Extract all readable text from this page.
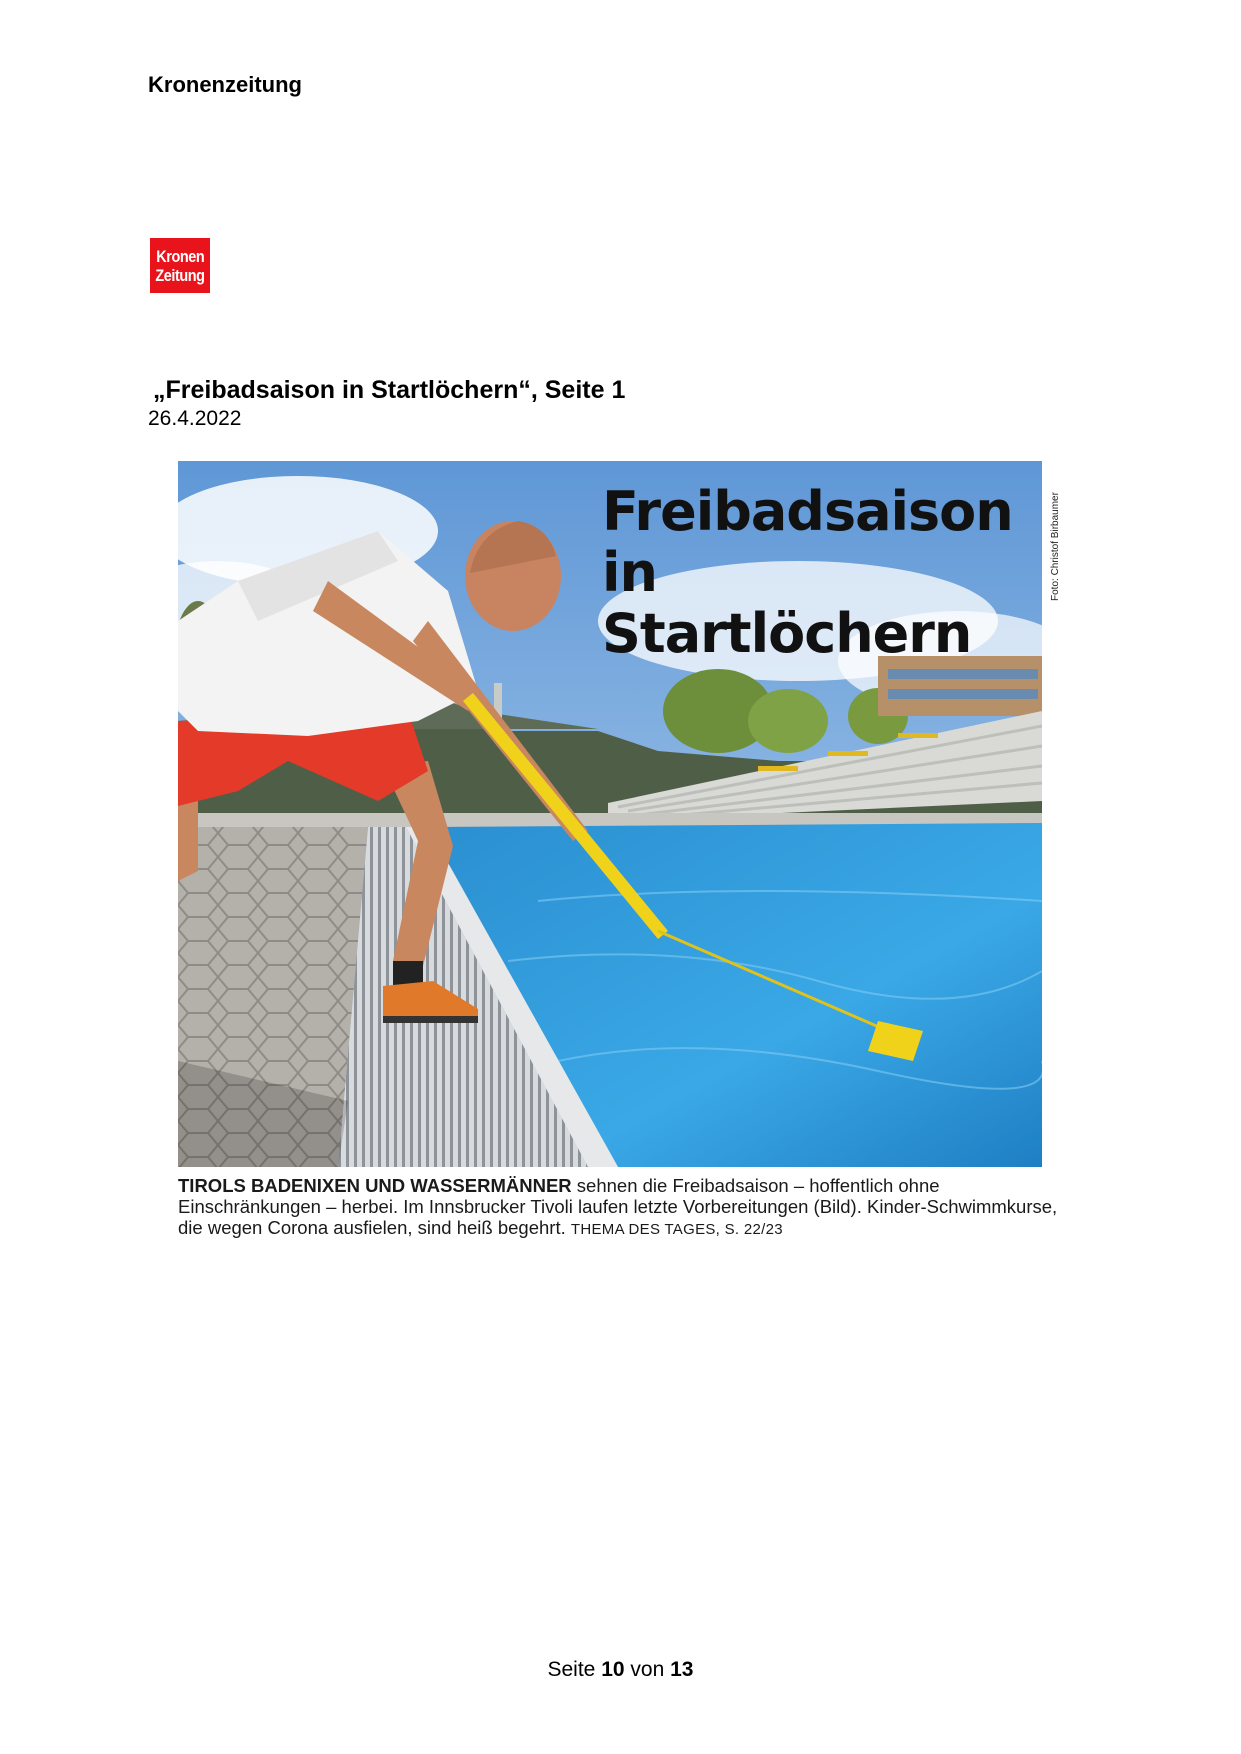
Kronenzeitung
Kronen
Zeitung
„Freibadsaison in Startlöchern“, Seite 1
26.4.2022
Freibadsaison
in Startlöchern
Foto: Christof Birbaumer
TIROLS BADENIXEN UND WASSERMÄNNER sehnen die Freibadsaison – hoffentlich ohne Einschränkungen – herbei. Im Innsbrucker Tivoli laufen letzte Vorbereitungen (Bild). Kinder-Schwimmkurse, die wegen Corona ausfielen, sind heiß begehrt. THEMA DES TAGES, S. 22/23
Seite 10 von 13
